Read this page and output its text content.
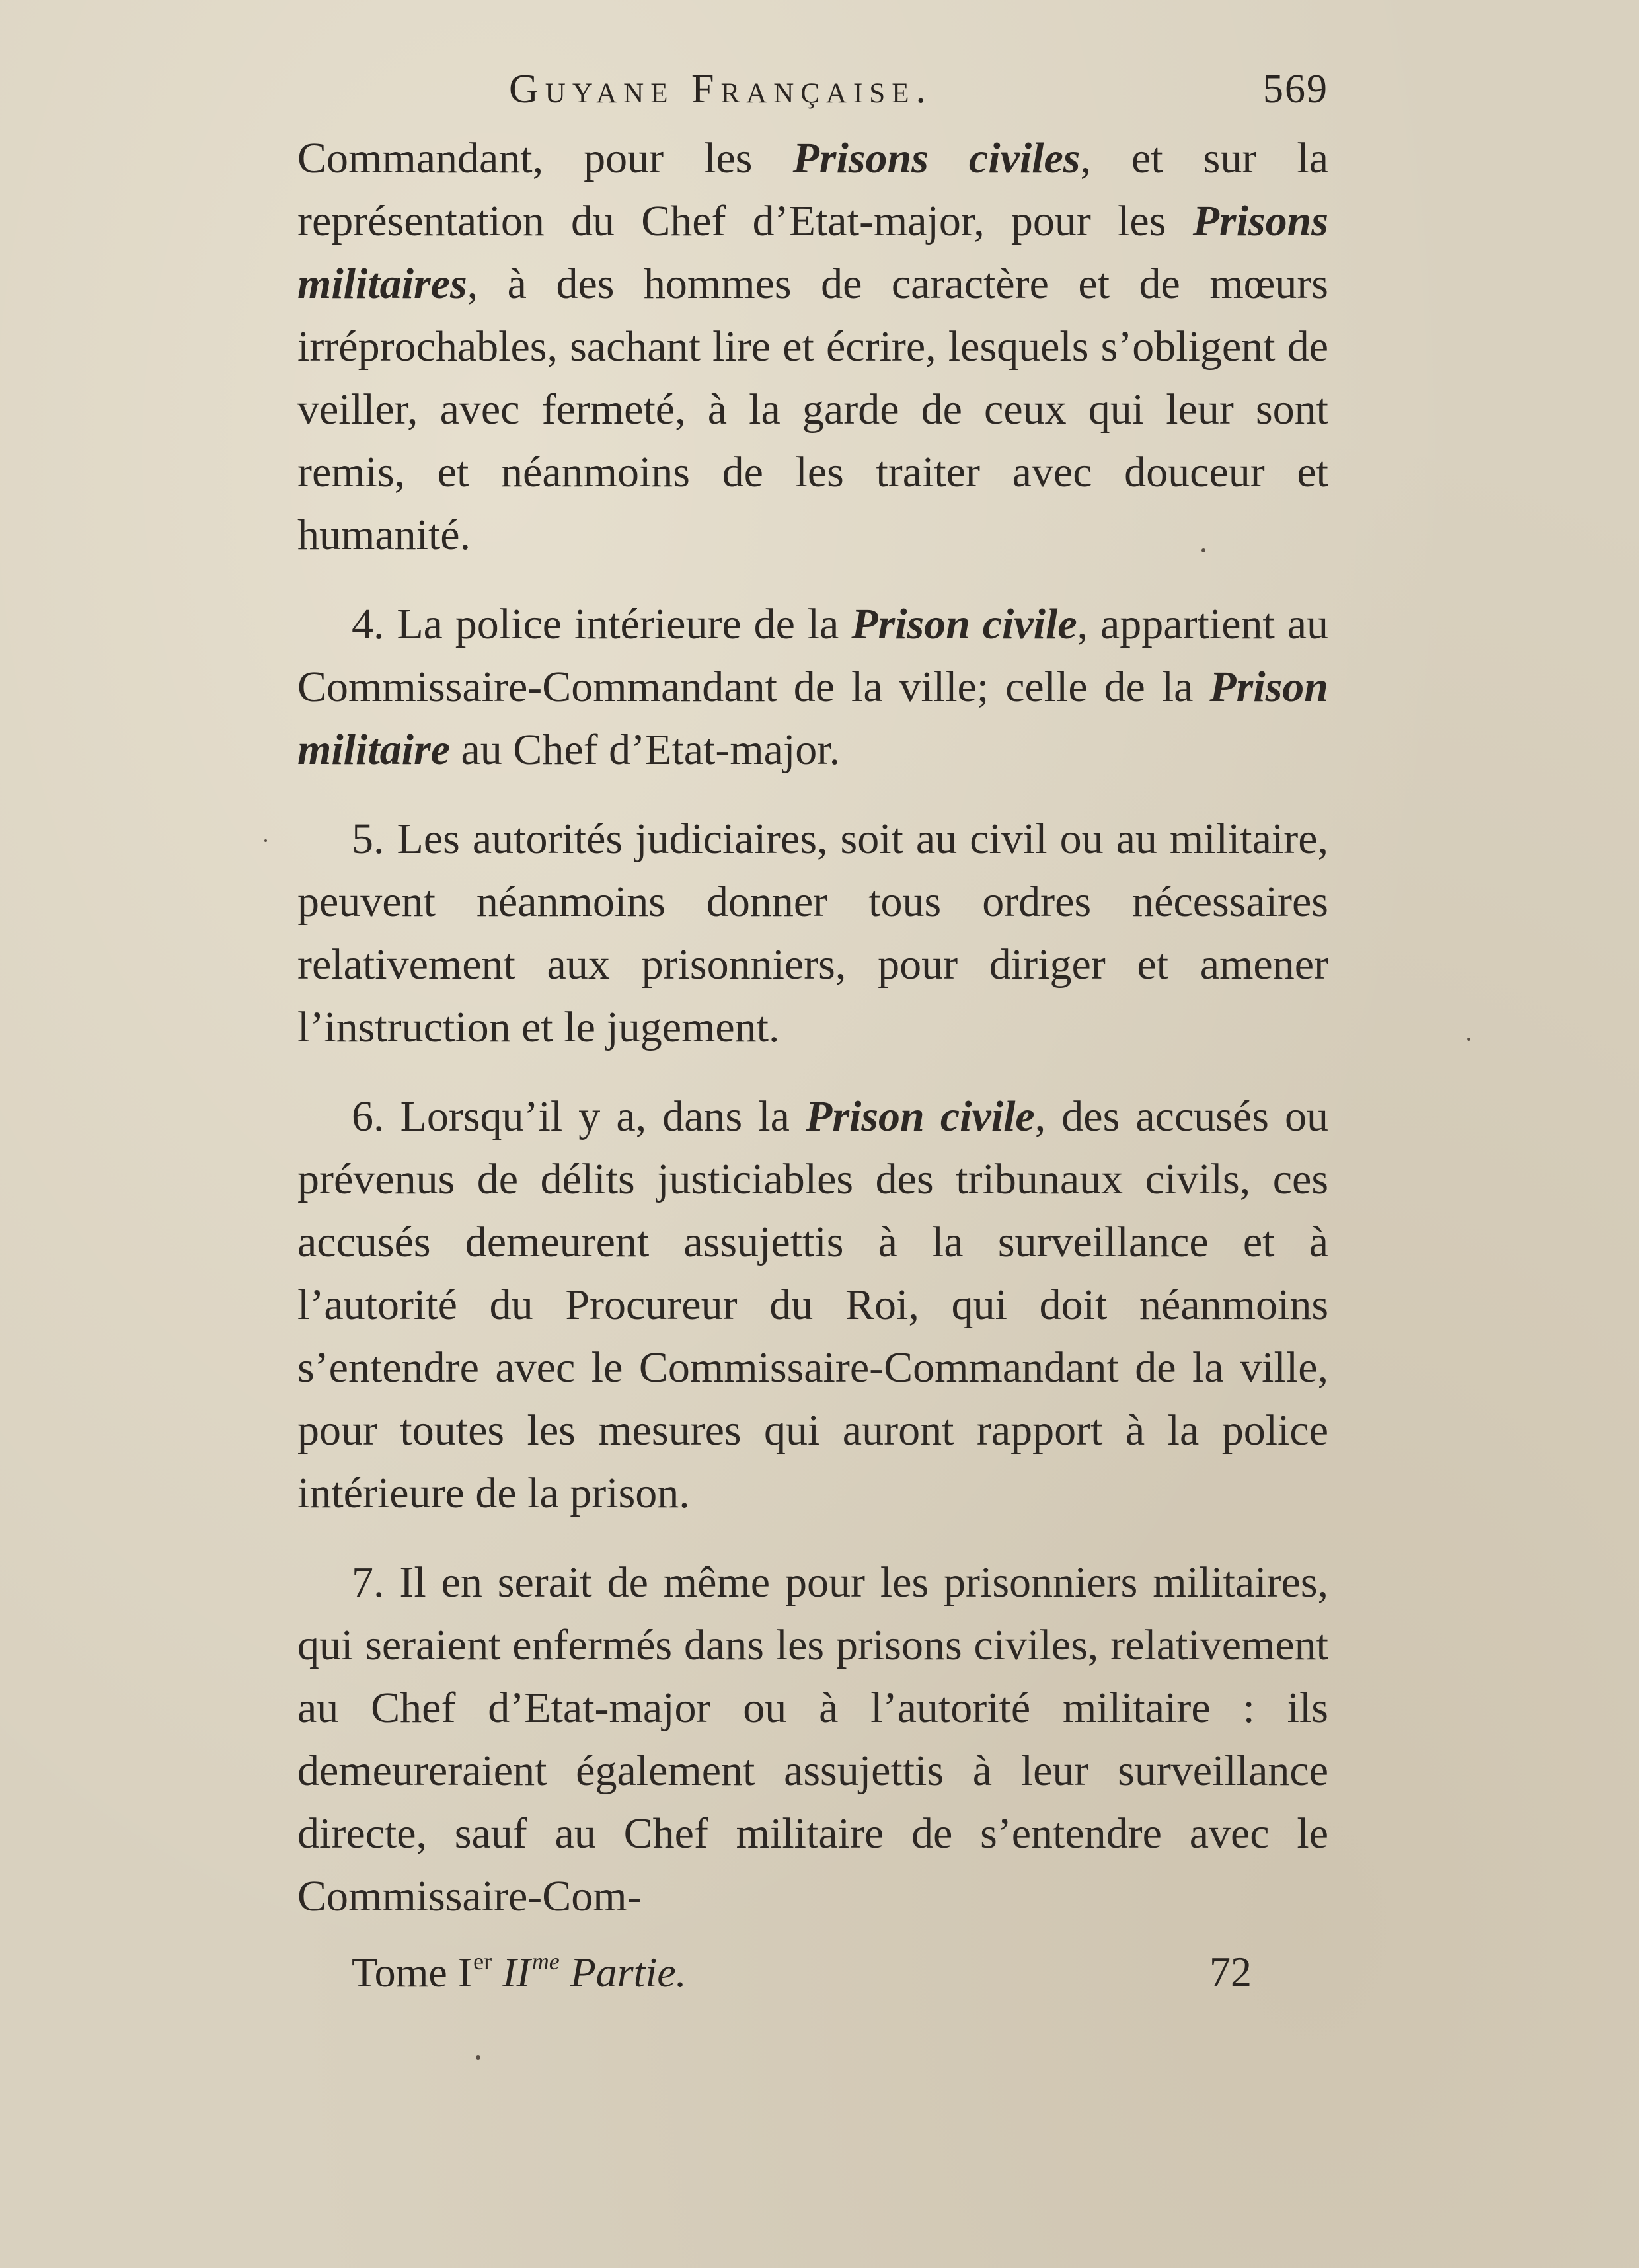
Guyane Française.	569

Commandant, pour les Prisons civiles, et sur la représentation du Chef d’Etat-major, pour les Prisons militaires, à des hommes de caractère et de mœurs irréprochables, sachant lire et écrire, lesquels s’obligent de veiller, avec fermeté, à la garde de ceux qui leur sont remis, et néanmoins de les traiter avec douceur et humanité.

4. La police intérieure de la Prison civile, appartient au Commissaire-Commandant de la ville; celle de la Prison militaire au Chef d’Etat-major.

5. Les autorités judiciaires, soit au civil ou au militaire, peuvent néanmoins donner tous ordres nécessaires relativement aux prisonniers, pour diriger et amener l’instruction et le jugement.

6. Lorsqu’il y a, dans la Prison civile, des accusés ou prévenus de délits justiciables des tribunaux civils, ces accusés demeurent assujettis à la surveillance et à l’autorité du Procureur du Roi, qui doit néanmoins s’entendre avec le Commissaire-Commandant de la ville, pour toutes les mesures qui auront rapport à la police intérieure de la prison.

7. Il en serait de même pour les prisonniers militaires, qui seraient enfermés dans les prisons civiles, relativement au Chef d’Etat-major ou à l’autorité militaire : ils demeureraient également assujettis à leur surveillance directe, sauf au Chef militaire de s’entendre avec le Commissaire-Com-

Tome Ier $II^{me}$ Partie.	72
